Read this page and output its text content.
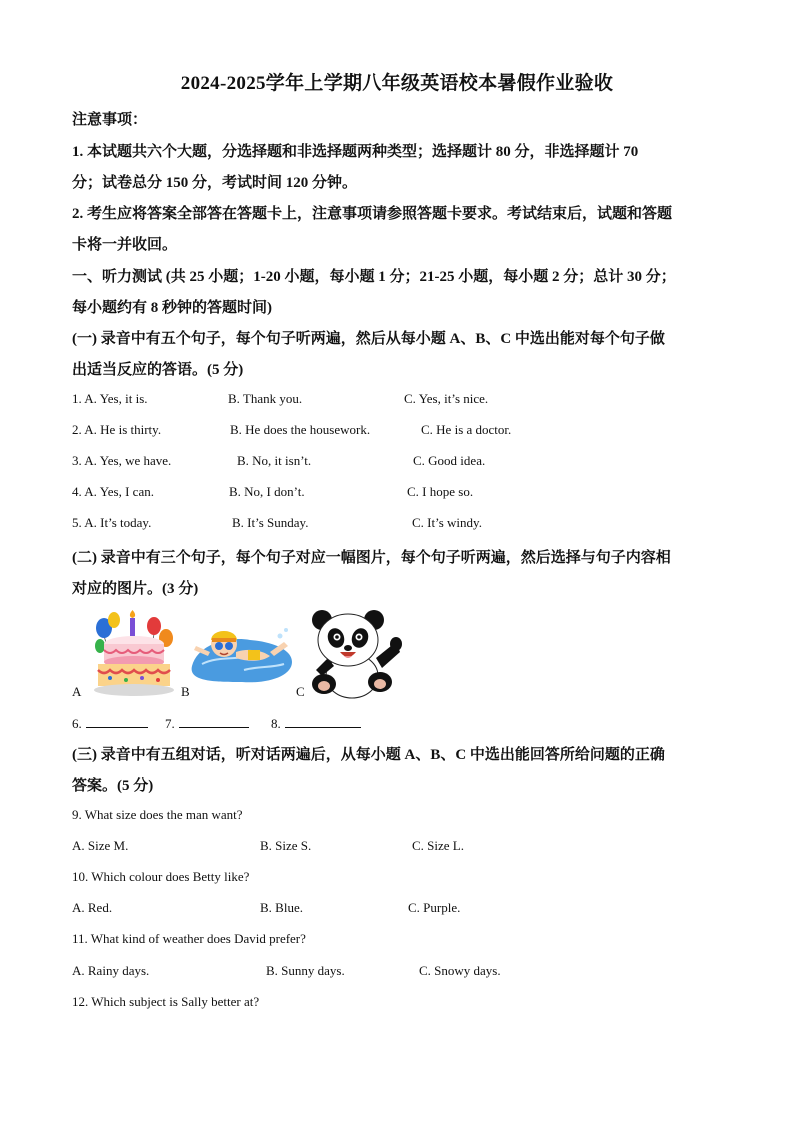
2024-2025学年上学期八年级英语校本暑假作业验收
注意事项：
1. 本试题共六个大题，分选择题和非选择题两种类型；选择题计 80 分，非选择题计 70
分；试卷总分 150 分，考试时间 120 分钟。
2. 考生应将答案全部答在答题卡上，注意事项请参照答题卡要求。考试结束后，试题和答题
卡将一并收回。
一、听力测试 (共 25 小题；1-20 小题，每小题 1 分；21-25 小题，每小题 2 分；总计 30 分；
每小题约有 8 秒钟的答题时间)
(一) 录音中有五个句子，每个句子听两遍，然后从每小题 A、B、C 中选出能对每个句子做
出适当反应的答语。(5 分)
1. A. Yes, it is.	B. Thank you.	C. Yes, it’s nice.
2. A. He is thirty.	B. He does the housework.	C. He is a doctor.
3. A. Yes, we have.	B. No, it isn’t.	C. Good idea.
4. A. Yes, I can.	B. No, I don’t.	C. I hope so.
5. A. It’s today.	B. It’s Sunday.	C. It’s windy.
(二) 录音中有三个句子，每个句子对应一幅图片，每个句子听两遍，然后选择与句子内容相
对应的图片。(3 分)
A	B	C
6.	7.	8.
(三) 录音中有五组对话，听对话两遍后，从每小题 A、B、C 中选出能回答所给问题的正确
答案。(5 分)
9. What size does the man want?
A. Size M.	B. Size S.	C. Size L.
10. Which colour does Betty like?
A. Red.	B. Blue.	C. Purple.
11. What kind of weather does David prefer?
A. Rainy days.	B. Sunny days.	C. Snowy days.
12. Which subject is Sally better at?
